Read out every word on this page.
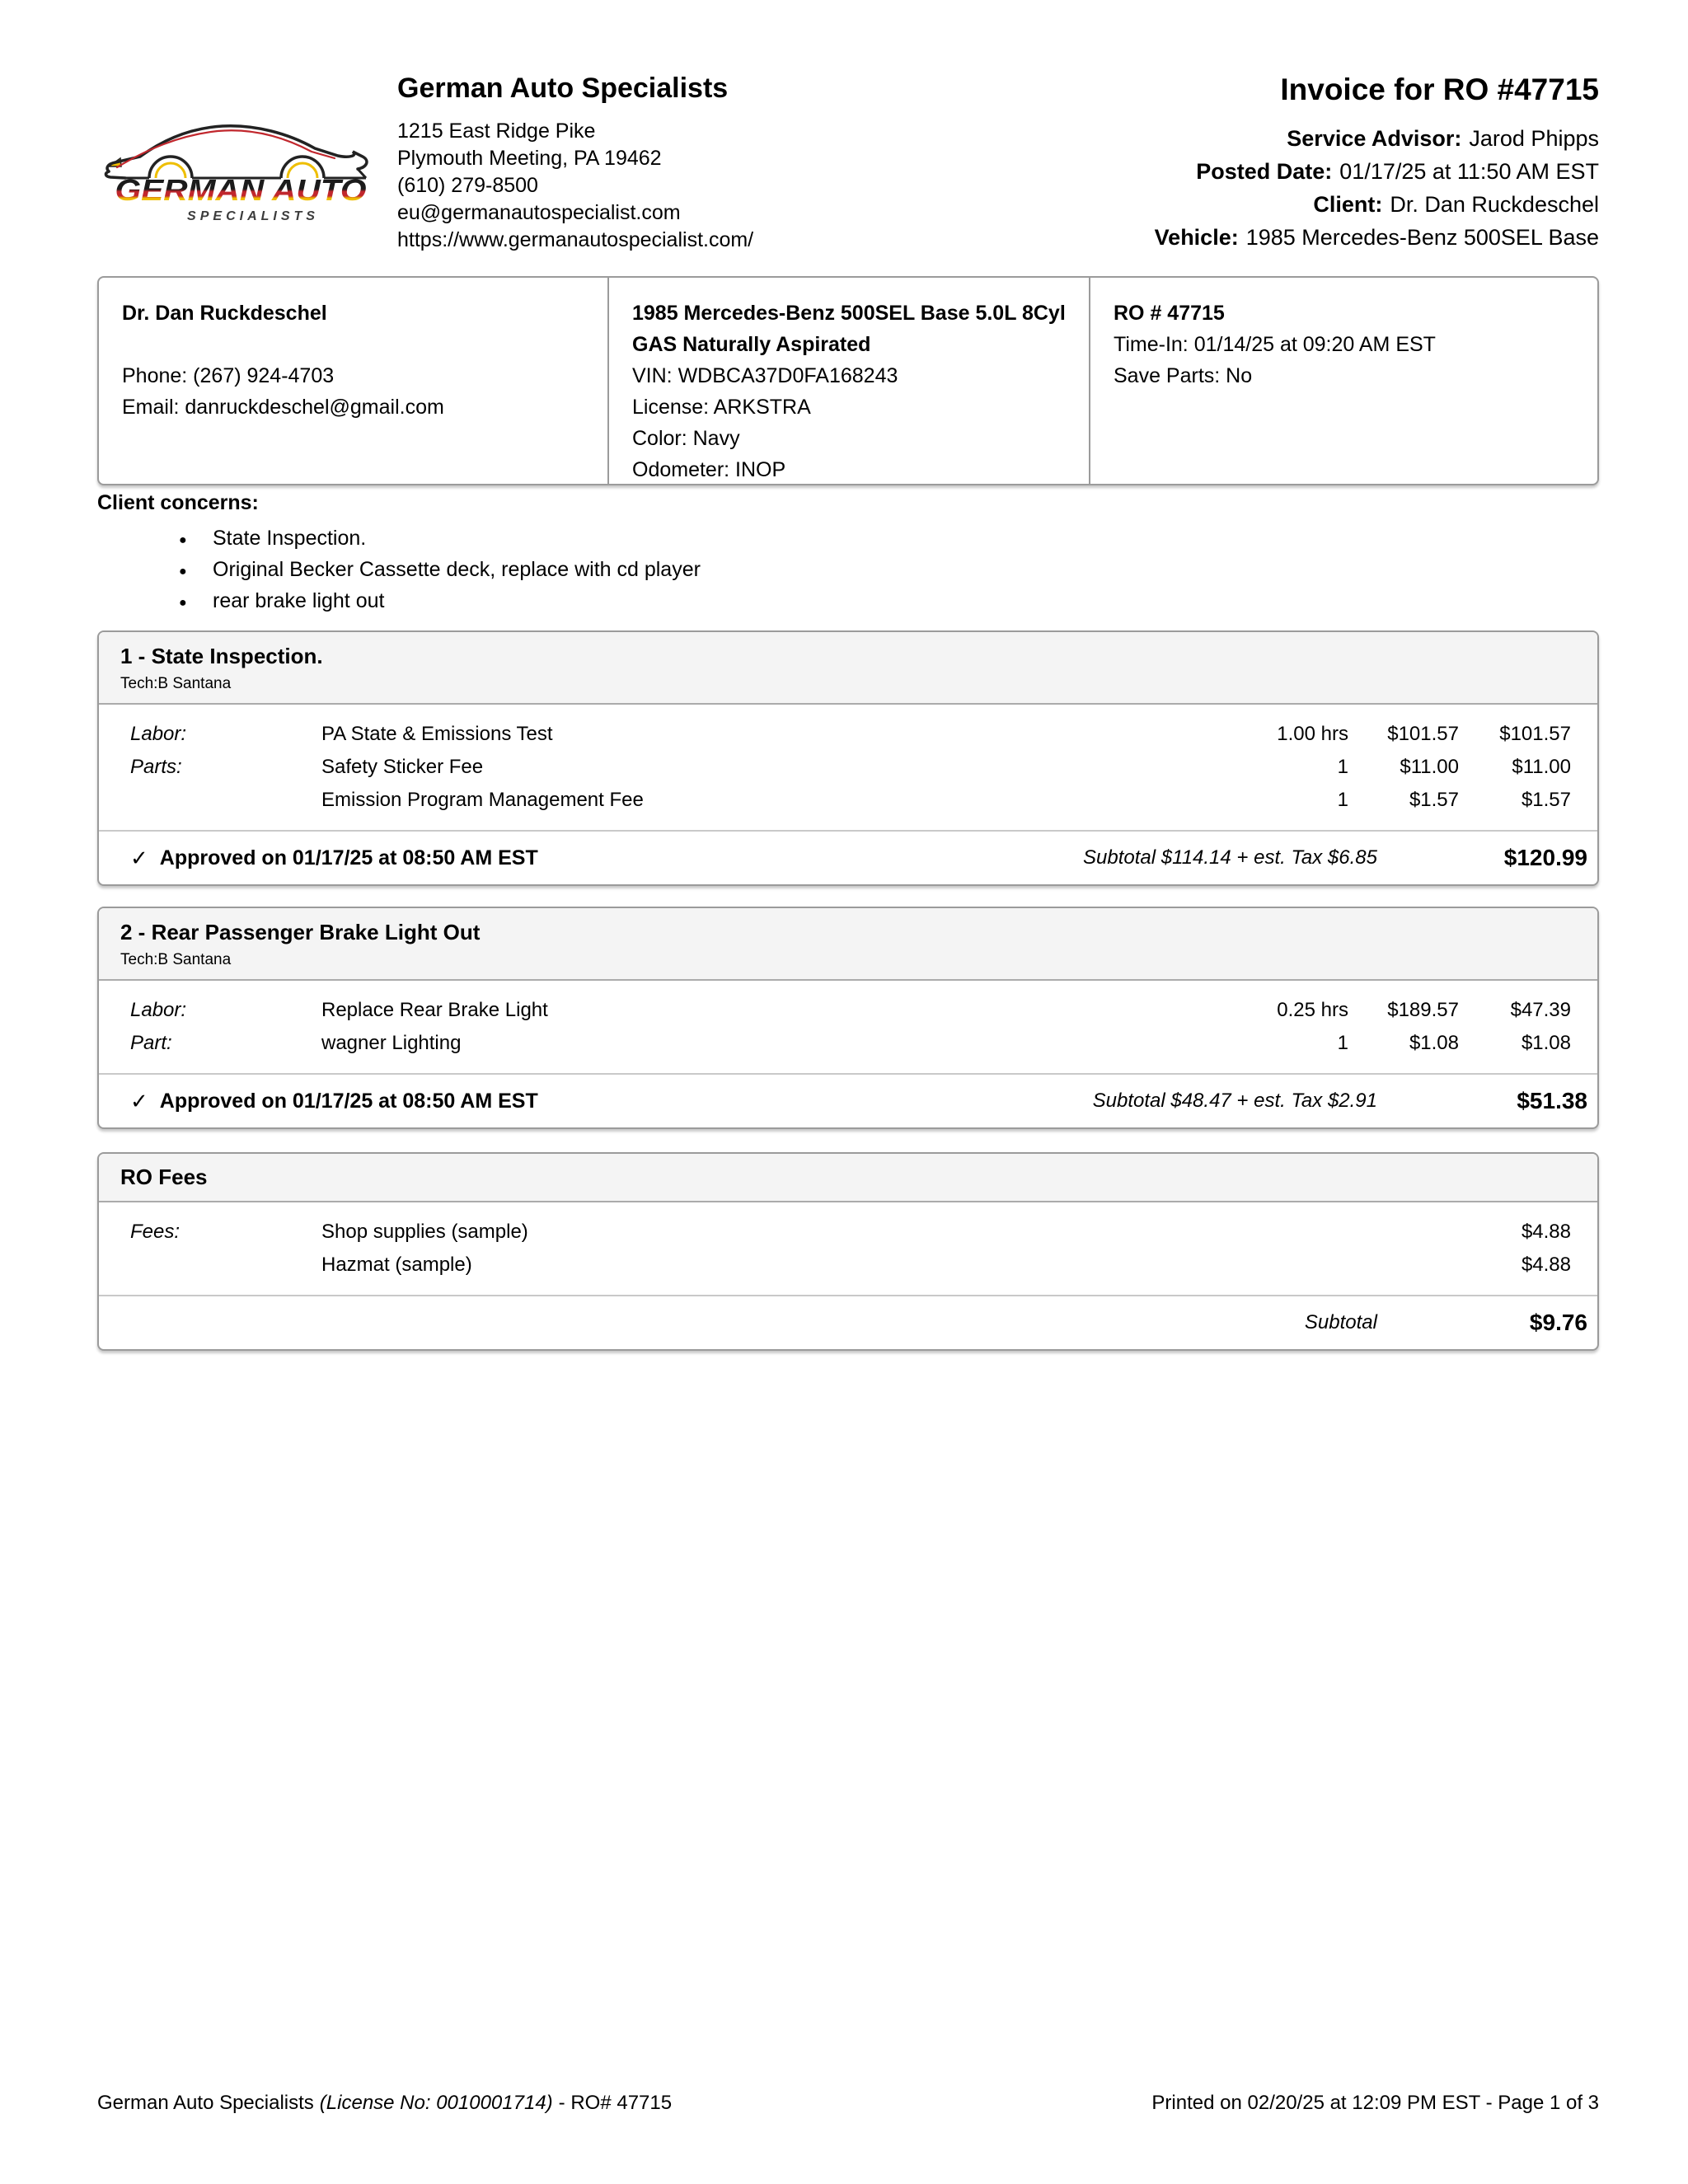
GERMAN AUTO
SPECIALISTS
German Auto Specialists
1215 East Ridge Pike
Plymouth Meeting, PA 19462
(610) 279-8500
eu@germanautospecialist.com
https://www.germanautospecialist.com/
Invoice for RO #47715
Service Advisor: Jarod Phipps
Posted Date: 01/17/25 at 11:50 AM EST
Client: Dr. Dan Ruckdeschel
Vehicle: 1985 Mercedes-Benz 500SEL Base
Dr. Dan Ruckdeschel
Phone: (267) 924-4703
Email: danruckdeschel@gmail.com
1985 Mercedes-Benz 500SEL Base 5.0L 8Cyl GAS Naturally Aspirated
VIN: WDBCA37D0FA168243
License: ARKSTRA
Color: Navy
Odometer: INOP
RO # 47715
Time-In: 01/14/25 at 09:20 AM EST
Save Parts: No
Client concerns:
● State Inspection.
● Original Becker Cassette deck, replace with cd player
● rear brake light out
1 - State Inspection.
Tech:B Santana
Labor:	PA State & Emissions Test	1.00 hrs	$101.57	$101.57
Parts:	Safety Sticker Fee	1	$11.00	$11.00
Emission Program Management Fee	1	$1.57	$1.57
✓ Approved on 01/17/25 at 08:50 AM EST	Subtotal $114.14 + est. Tax $6.85	$120.99
2 - Rear Passenger Brake Light Out
Tech:B Santana
Labor:	Replace Rear Brake Light	0.25 hrs	$189.57	$47.39
Part:	wagner Lighting	1	$1.08	$1.08
✓ Approved on 01/17/25 at 08:50 AM EST	Subtotal $48.47 + est. Tax $2.91	$51.38
RO Fees
Fees:	Shop supplies (sample)	$4.88
Hazmat (sample)	$4.88
Subtotal	$9.76
German Auto Specialists (License No: 0010001714) - RO# 47715	Printed on 02/20/25 at 12:09 PM EST - Page 1 of 3
